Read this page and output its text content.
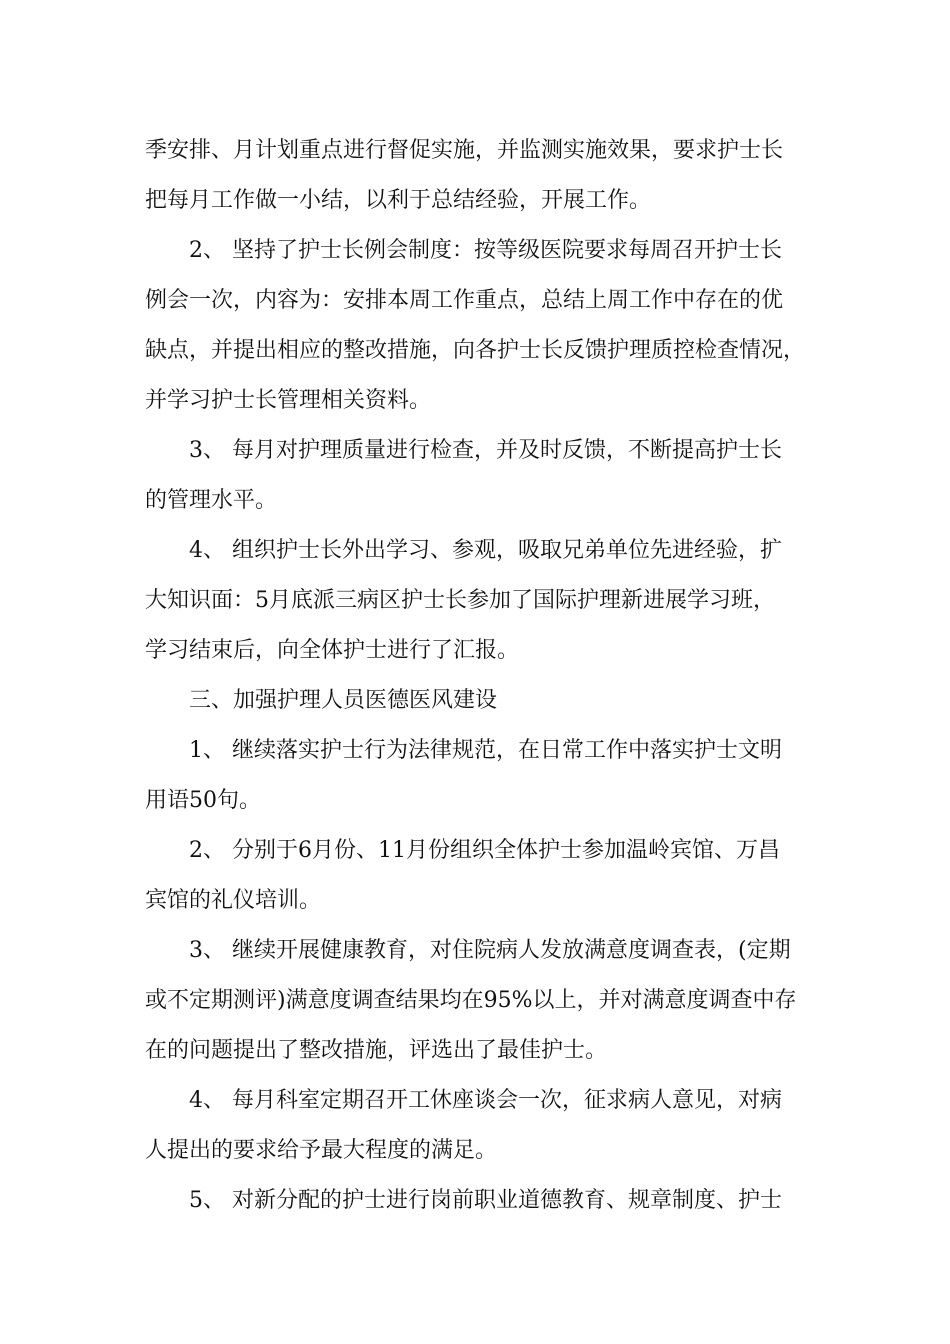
季安排、月计划重点进行督促实施，并监测实施效果，要求护士长
把每月工作做一小结，以利于总结经验，开展工作。
2、 坚持了护士长例会制度：按等级医院要求每周召开护士长
例会一次，内容为：安排本周工作重点，总结上周工作中存在的优
缺点，并提出相应的整改措施，向各护士长反馈护理质控检查情况，
并学习护士长管理相关资料。
3、 每月对护理质量进行检查，并及时反馈，不断提高护士长
的管理水平。
4、 组织护士长外出学习、参观，吸取兄弟单位先进经验，扩
大知识面：5月底派三病区护士长参加了国际护理新进展学习班，
学习结束后，向全体护士进行了汇报。
三、加强护理人员医德医风建设
1、 继续落实护士行为法律规范，在日常工作中落实护士文明
用语50句。
2、 分别于6月份、11月份组织全体护士参加温岭宾馆、万昌
宾馆的礼仪培训。
3、 继续开展健康教育，对住院病人发放满意度调查表，(定期
或不定期测评)满意度调查结果均在95%以上，并对满意度调查中存
在的问题提出了整改措施，评选出了最佳护士。
4、 每月科室定期召开工休座谈会一次，征求病人意见，对病
人提出的要求给予最大程度的满足。
5、 对新分配的护士进行岗前职业道德教育、规章制度、护士
